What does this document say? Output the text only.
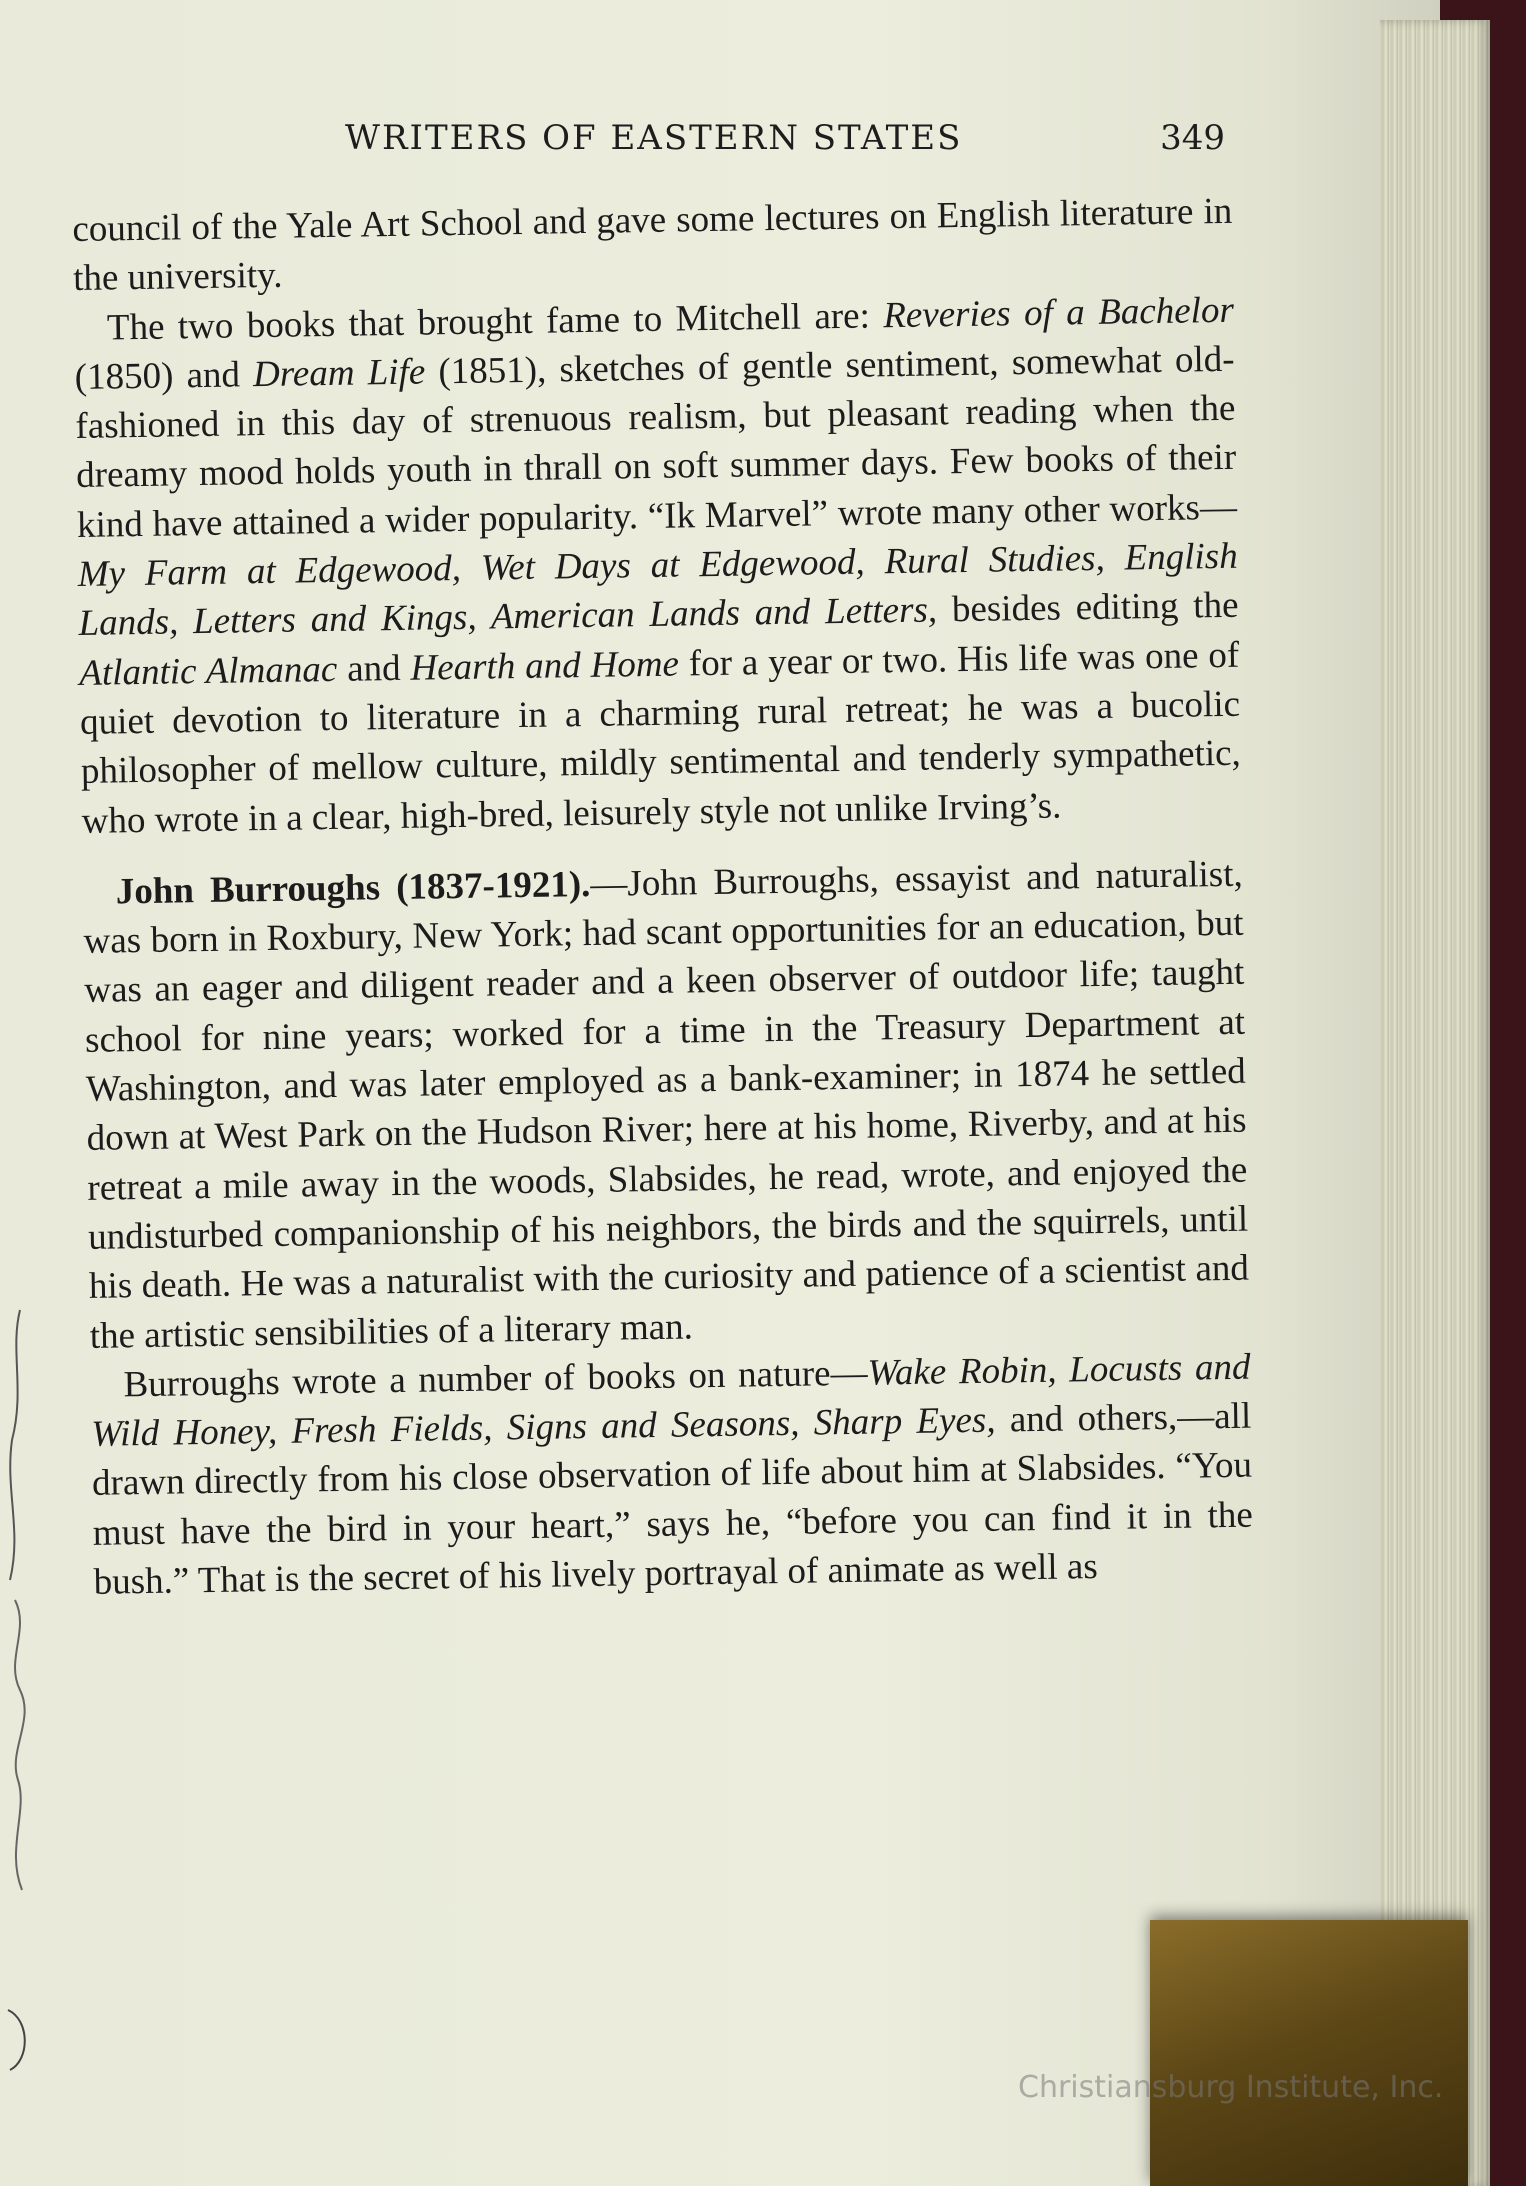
WRITERS OF EASTERN STATES	349

council of the Yale Art School and gave some lectures on English literature in the university.

The two books that brought fame to Mitchell are: Reveries of a Bachelor (1850) and Dream Life (1851), sketches of gentle sentiment, somewhat old-fashioned in this day of strenuous realism, but pleasant reading when the dreamy mood holds youth in thrall on soft summer days. Few books of their kind have attained a wider popularity. “Ik Marvel” wrote many other works—My Farm at Edgewood, Wet Days at Edgewood, Rural Studies, English Lands, Letters and Kings, American Lands and Letters, besides editing the Atlantic Almanac and Hearth and Home for a year or two. His life was one of quiet devotion to literature in a charming rural retreat; he was a bucolic philosopher of mellow culture, mildly sentimental and tenderly sympathetic, who wrote in a clear, high-bred, leisurely style not unlike Irving’s.

John Burroughs (1837-1921).—John Burroughs, essayist and naturalist, was born in Roxbury, New York; had scant opportunities for an education, but was an eager and diligent reader and a keen observer of outdoor life; taught school for nine years; worked for a time in the Treasury Department at Washington, and was later employed as a bank-examiner; in 1874 he settled down at West Park on the Hudson River; here at his home, Riverby, and at his retreat a mile away in the woods, Slabsides, he read, wrote, and enjoyed the undisturbed companionship of his neighbors, the birds and the squirrels, until his death. He was a naturalist with the curiosity and patience of a scientist and the artistic sensibilities of a literary man.

Burroughs wrote a number of books on nature—Wake Robin, Locusts and Wild Honey, Fresh Fields, Signs and Seasons, Sharp Eyes, and others,—all drawn directly from his close observation of life about him at Slabsides. “You must have the bird in your heart,” says he, “before you can find it in the bush.” That is the secret of his lively portrayal of animate as well as

Christiansburg Institute, Inc.
